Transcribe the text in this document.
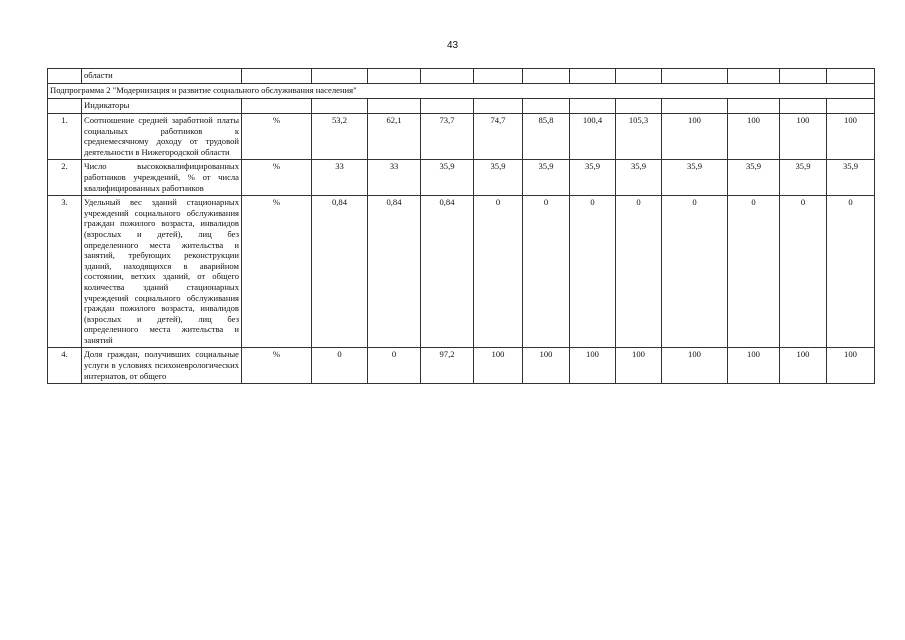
43
	области												
Подпрограмма 2 "Модернизация и развитие социального обслуживания населения"													
	Индикаторы												
1.	Соотношение средней заработной платы социальных работников к среднемесячному доходу от трудовой деятельности в Нижегородской области	%	53,2	62,1	73,7	74,7	85,8	100,4	105,3	100	100	100	100
2.	Число высококвалифицированных работников учреждений, % от числа квалифицированных работников	%	33	33	35,9	35,9	35,9	35,9	35,9	35,9	35,9	35,9	35,9
3.	Удельный вес зданий стационарных учреждений социального обслуживания граждан пожилого возраста, инвалидов (взрослых и детей), лиц без определенного места жительства и занятий, требующих реконструкции зданий, находящихся в аварийном состоянии, ветхих зданий, от общего количества зданий стационарных учреждений социального обслуживания граждан пожилого возраста, инвалидов (взрослых и детей), лиц без определенного места жительства и занятий	%	0,84	0,84	0,84	0	0	0	0	0	0	0	0
4.	Доля граждан, получивших социальные услуги в условиях психоневрологических интернатов, от общего	%	0	0	97,2	100	100	100	100	100	100	100	100
